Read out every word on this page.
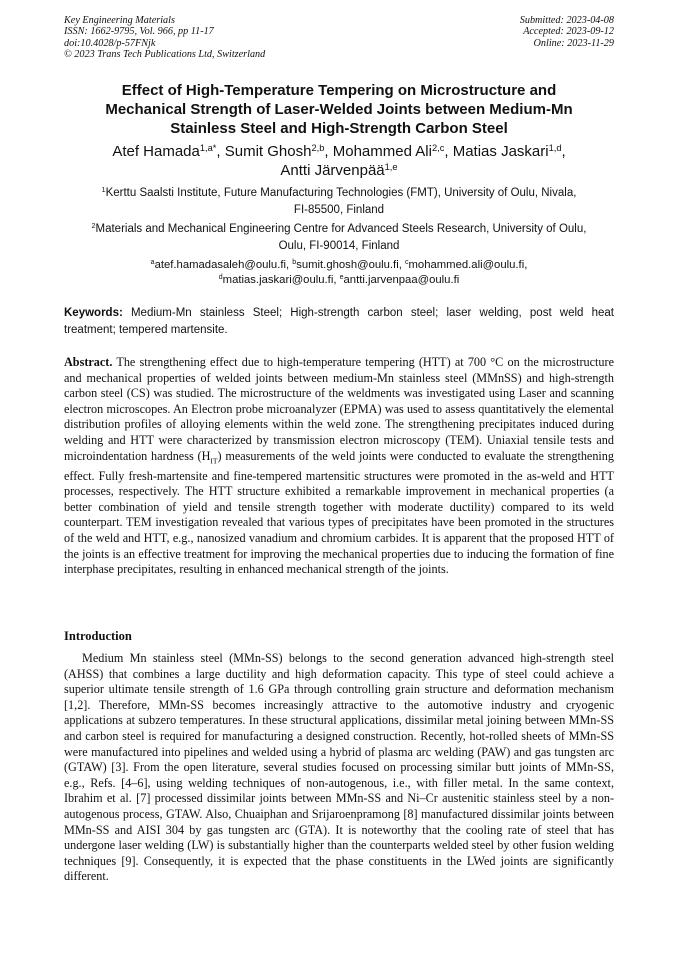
Key Engineering Materials
ISSN: 1662-9795, Vol. 966, pp 11-17
doi:10.4028/p-57FNjk
© 2023 Trans Tech Publications Ltd, Switzerland
Submitted: 2023-04-08
Accepted: 2023-09-12
Online: 2023-11-29
Effect of High-Temperature Tempering on Microstructure and
Mechanical Strength of Laser-Welded Joints between Medium-Mn
Stainless Steel and High-Strength Carbon Steel
Atef Hamada$^{1,a*}$, Sumit Ghosh$^{2,b}$, Mohammed Ali$^{2,c}$, Matias Jaskari$^{1,d}$,
Antti Järvenpää$^{1,e}$
$^1$Kerttu Saalsti Institute, Future Manufacturing Technologies (FMT), University of Oulu, Nivala,
FI-85500, Finland
$^2$Materials and Mechanical Engineering Centre for Advanced Steels Research, University of Oulu,
Oulu, FI-90014, Finland
$^a$atef.hamadasaleh@oulu.fi, $^b$sumit.ghosh@oulu.fi, $^c$mohammed.ali@oulu.fi,
$^d$matias.jaskari@oulu.fi, $^e$antti.jarvenpaa@oulu.fi
Keywords: Medium-Mn stainless Steel; High-strength carbon steel; laser welding, post weld heat treatment; tempered martensite.
Abstract. The strengthening effect due to high-temperature tempering (HTT) at 700 °C on the microstructure and mechanical properties of welded joints between medium-Mn stainless steel (MMnSS) and high-strength carbon steel (CS) was studied. The microstructure of the weldments was investigated using Laser and scanning electron microscopes. An Electron probe microanalyzer (EPMA) was used to assess quantitatively the elemental distribution profiles of alloying elements within the weld zone. The strengthening precipitates induced during welding and HTT were characterized by transmission electron microscopy (TEM). Uniaxial tensile tests and microindentation hardness $(H_{IT})$ measurements of the weld joints were conducted to evaluate the strengthening effect. Fully fresh-martensite and fine-tempered martensitic structures were promoted in the as-weld and HTT processes, respectively. The HTT structure exhibited a remarkable improvement in mechanical properties (a better combination of yield and tensile strength together with moderate ductility) compared to its weld counterpart. TEM investigation revealed that various types of precipitates have been promoted in the structures of the weld and HTT, e.g., nanosized vanadium and chromium carbides. It is apparent that the proposed HTT of the joints is an effective treatment for improving the mechanical properties due to inducing the formation of fine interphase precipitates, resulting in enhanced mechanical strength of the joints.
Introduction

Medium Mn stainless steel (MMn-SS) belongs to the second generation advanced high-strength steel (AHSS) that combines a large ductility and high deformation capacity. This type of steel could achieve a superior ultimate tensile strength of 1.6 GPa through controlling grain structure and deformation mechanism [1,2]. Therefore, MMn-SS becomes increasingly attractive to the automotive industry and cryogenic applications at subzero temperatures. In these structural applications, dissimilar metal joining between MMn-SS and carbon steel is required for manufacturing a designed construction. Recently, hot-rolled sheets of MMn-SS were manufactured into pipelines and welded using a hybrid of plasma arc welding (PAW) and gas tungsten arc (GTAW) [3]. From the open literature, several studies focused on processing similar butt joints of MMn-SS, e.g., Refs. [4–6], using welding techniques of non-autogenous, i.e., with filler metal. In the same context, Ibrahim et al. [7] processed dissimilar joints between MMn-SS and Ni–Cr austenitic stainless steel by a non-autogenous process, GTAW. Also, Chuaiphan and Srijaroenpramong [8] manufactured dissimilar joints between MMn-SS and AISI 304 by gas tungsten arc (GTA). It is noteworthy that the cooling rate of steel that has undergone laser welding (LW) is substantially higher than the counterparts welded steel by other fusion welding techniques [9]. Consequently, it is expected that the phase constituents in the LWed joints are significantly different.
